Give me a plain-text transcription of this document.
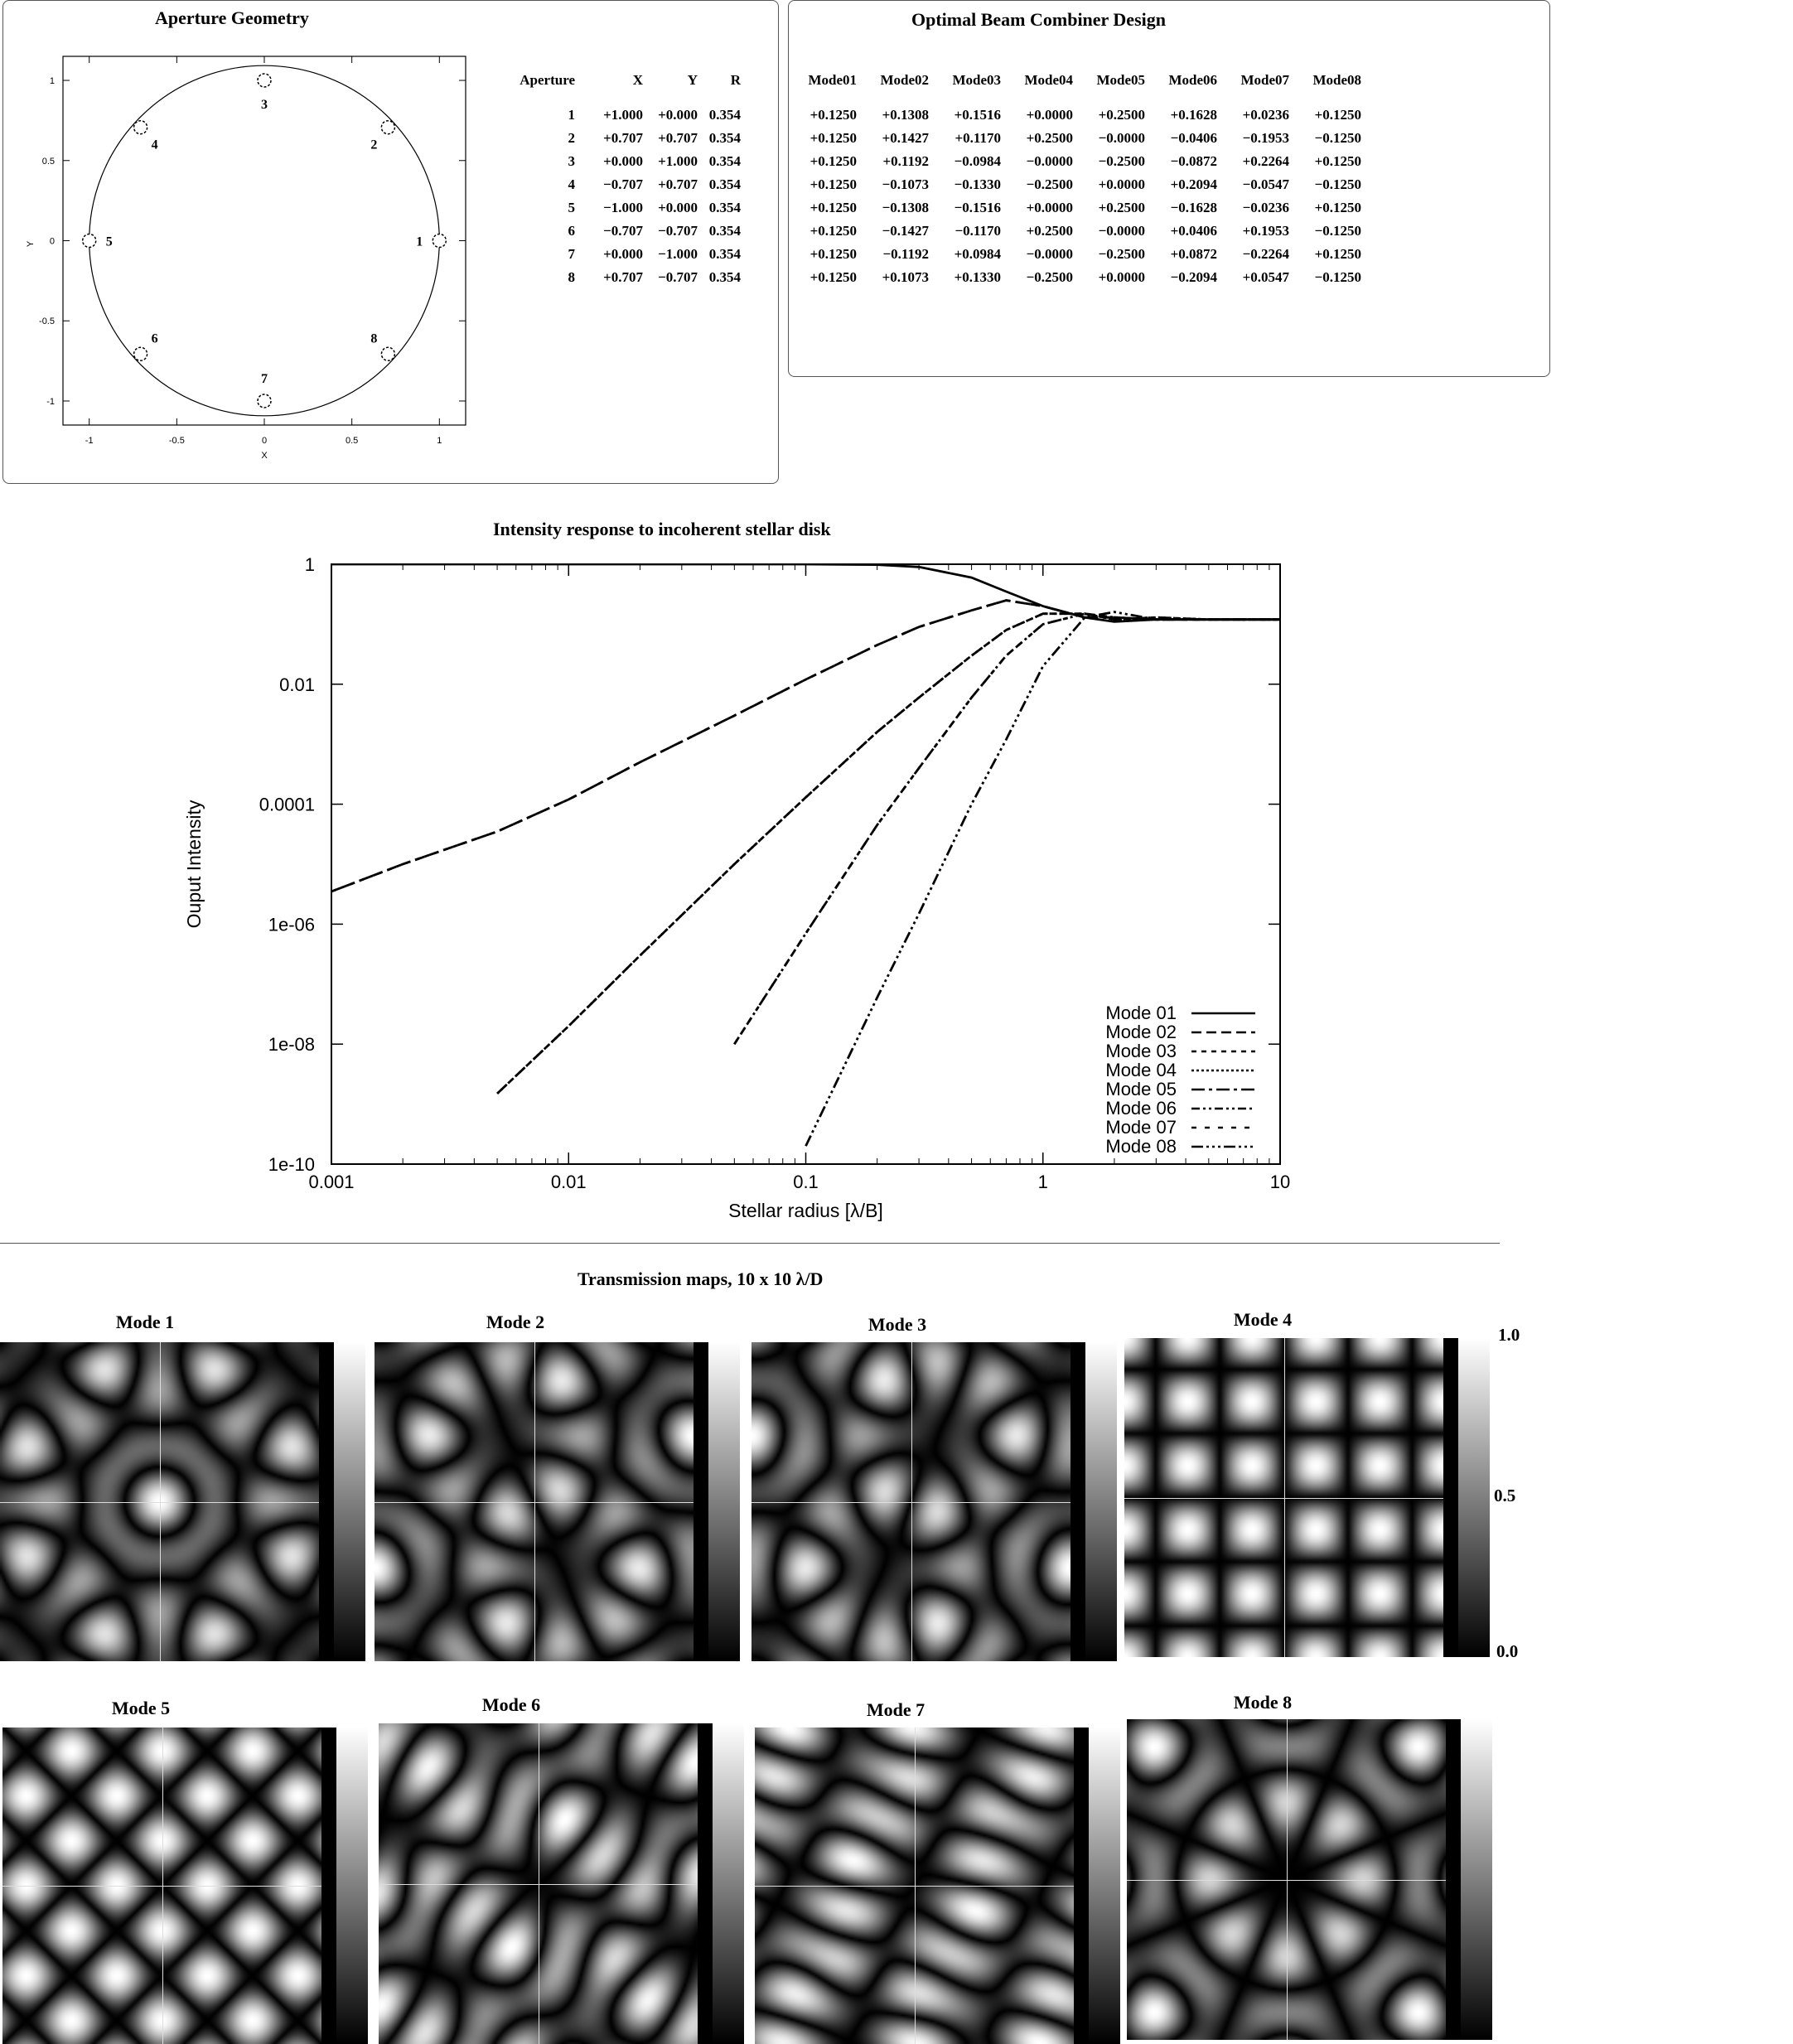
Aperture Geometry
-1	-0.5	0	0.5	1
1
0.5
0
-0.5
-1
X
Y	1
2
3
4
5
6
7
8
Aperture	X	Y	R
1	+1.000	+0.000	0.354
2	+0.707	+0.707	0.354
3	+0.000	+1.000	0.354
4	−0.707	+0.707	0.354
5	−1.000	+0.000	0.354
6	−0.707	−0.707	0.354
7	+0.000	−1.000	0.354
8	+0.707	−0.707	0.354
Optimal Beam Combiner Design
Mode01	Mode02	Mode03	Mode04	Mode05	Mode06	Mode07	Mode08
+0.1250	+0.1308	+0.1516	+0.0000	+0.2500	+0.1628	+0.0236	+0.1250
+0.1250	+0.1427	+0.1170	+0.2500	−0.0000	−0.0406	−0.1953	−0.1250
+0.1250	+0.1192	−0.0984	−0.0000	−0.2500	−0.0872	+0.2264	+0.1250
+0.1250	−0.1073	−0.1330	−0.2500	+0.0000	+0.2094	−0.0547	−0.1250
+0.1250	−0.1308	−0.1516	+0.0000	+0.2500	−0.1628	−0.0236	+0.1250
+0.1250	−0.1427	−0.1170	+0.2500	−0.0000	+0.0406	+0.1953	−0.1250
+0.1250	−0.1192	+0.0984	−0.0000	−0.2500	+0.0872	−0.2264	+0.1250
+0.1250	+0.1073	+0.1330	−0.2500	+0.0000	−0.2094	+0.0547	−0.1250
Intensity response to incoherent stellar disk
0.001	0.01	0.1	1	10
1
0.01
0.0001
1e-06
1e-08
1e-10
Stellar radius [λ/B]
Ouput Intensity
Mode 01
Mode 02
Mode 03
Mode 04
Mode 05
Mode 06
Mode 07
Mode 08
Transmission maps, 10 x 10 λ/D
Mode 1	Mode 2	Mode 3	Mode 4
Mode 5	Mode 6	Mode 7	Mode 8
1.0
0.5
0.0
